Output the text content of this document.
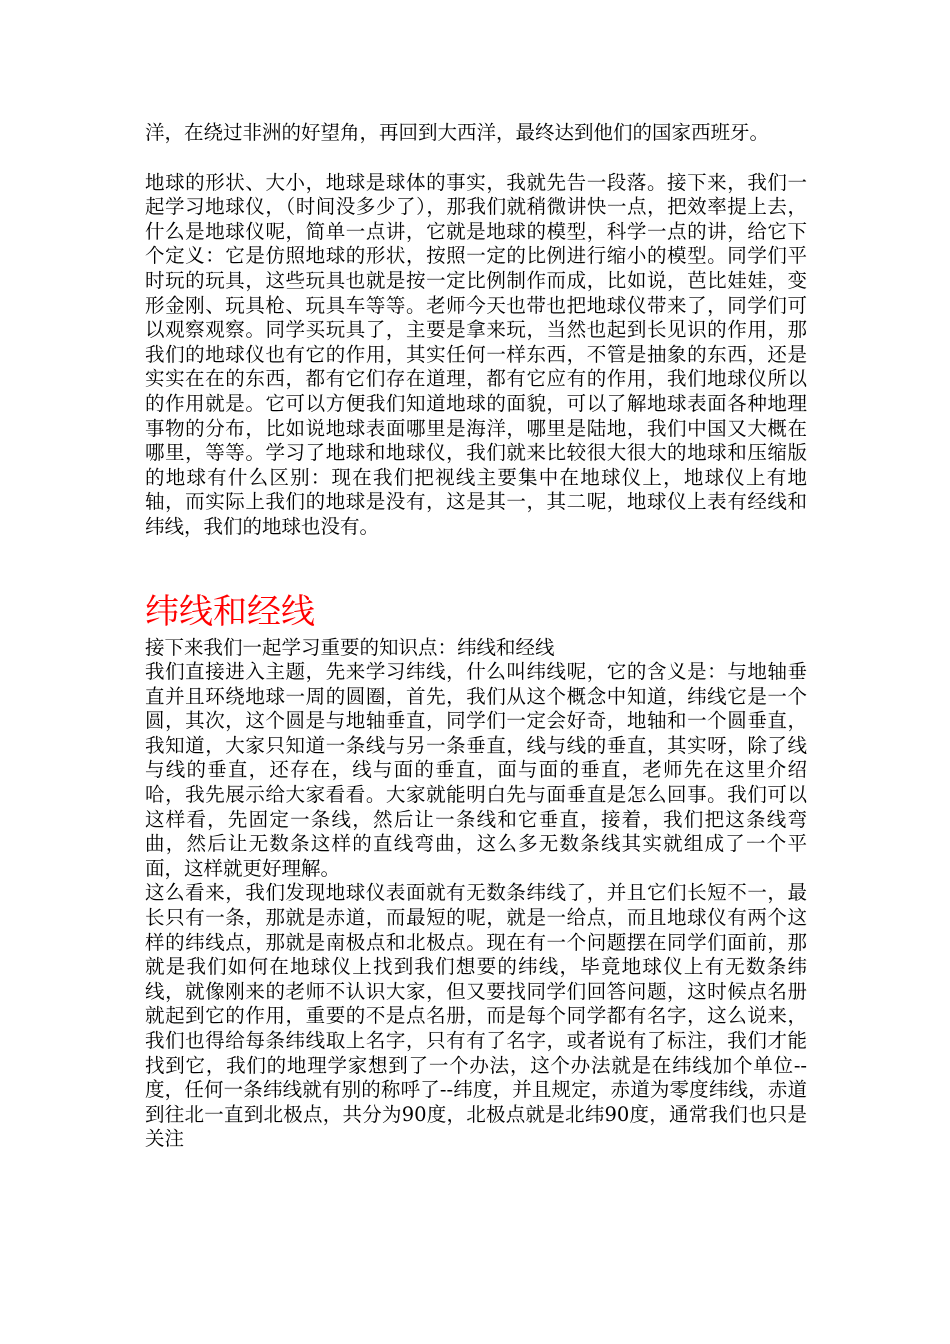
洋，在绕过非洲的好望角，再回到大西洋，最终达到他们的国家西班牙。

地球的形状、大小，地球是球体的事实，我就先告一段落。接下来，我们一起学习地球仪，（时间没多少了），那我们就稍微讲快一点，把效率提上去，什么是地球仪呢，简单一点讲，它就是地球的模型，科学一点的讲，给它下个定义：它是仿照地球的形状，按照一定的比例进行缩小的模型。同学们平时玩的玩具，这些玩具也就是按一定比例制作而成，比如说，芭比娃娃，变形金刚、玩具枪、玩具车等等。老师今天也带也把地球仪带来了，同学们可以观察观察。同学买玩具了，主要是拿来玩，当然也起到长见识的作用，那我们的地球仪也有它的作用，其实任何一样东西，不管是抽象的东西，还是实实在在的东西，都有它们存在道理，都有它应有的作用，我们地球仪所以的作用就是。它可以方便我们知道地球的面貌，可以了解地球表面各种地理事物的分布，比如说地球表面哪里是海洋，哪里是陆地，我们中国又大概在哪里，等等。学习了地球和地球仪，我们就来比较很大很大的地球和压缩版的地球有什么区别：现在我们把视线主要集中在地球仪上，地球仪上有地轴，而实际上我们的地球是没有，这是其一，其二呢，地球仪上表有经线和纬线，我们的地球也没有。

纬线和经线

接下来我们一起学习重要的知识点：纬线和经线

我们直接进入主题，先来学习纬线，什么叫纬线呢，它的含义是：与地轴垂直并且环绕地球一周的圆圈，首先，我们从这个概念中知道，纬线它是一个圆，其次，这个圆是与地轴垂直，同学们一定会好奇，地轴和一个圆垂直，我知道，大家只知道一条线与另一条垂直，线与线的垂直，其实呀，除了线与线的垂直，还存在，线与面的垂直，面与面的垂直，老师先在这里介绍哈，我先展示给大家看看。大家就能明白先与面垂直是怎么回事。我们可以这样看，先固定一条线，然后让一条线和它垂直，接着，我们把这条线弯曲，然后让无数条这样的直线弯曲，这么多无数条线其实就组成了一个平面，这样就更好理解。

这么看来，我们发现地球仪表面就有无数条纬线了，并且它们长短不一，最长只有一条，那就是赤道，而最短的呢，就是一给点，而且地球仪有两个这样的纬线点，那就是南极点和北极点。现在有一个问题摆在同学们面前，那就是我们如何在地球仪上找到我们想要的纬线，毕竟地球仪上有无数条纬线，就像刚来的老师不认识大家，但又要找同学们回答问题，这时候点名册就起到它的作用，重要的不是点名册，而是每个同学都有名字，这么说来，我们也得给每条纬线取上名字，只有有了名字，或者说有了标注，我们才能找到它，我们的地理学家想到了一个办法，这个办法就是在纬线加个单位--度，任何一条纬线就有别的称呼了--纬度，并且规定，赤道为零度纬线，赤道到往北一直到北极点，共分为90度，北极点就是北纬90度，通常我们也只是关注
